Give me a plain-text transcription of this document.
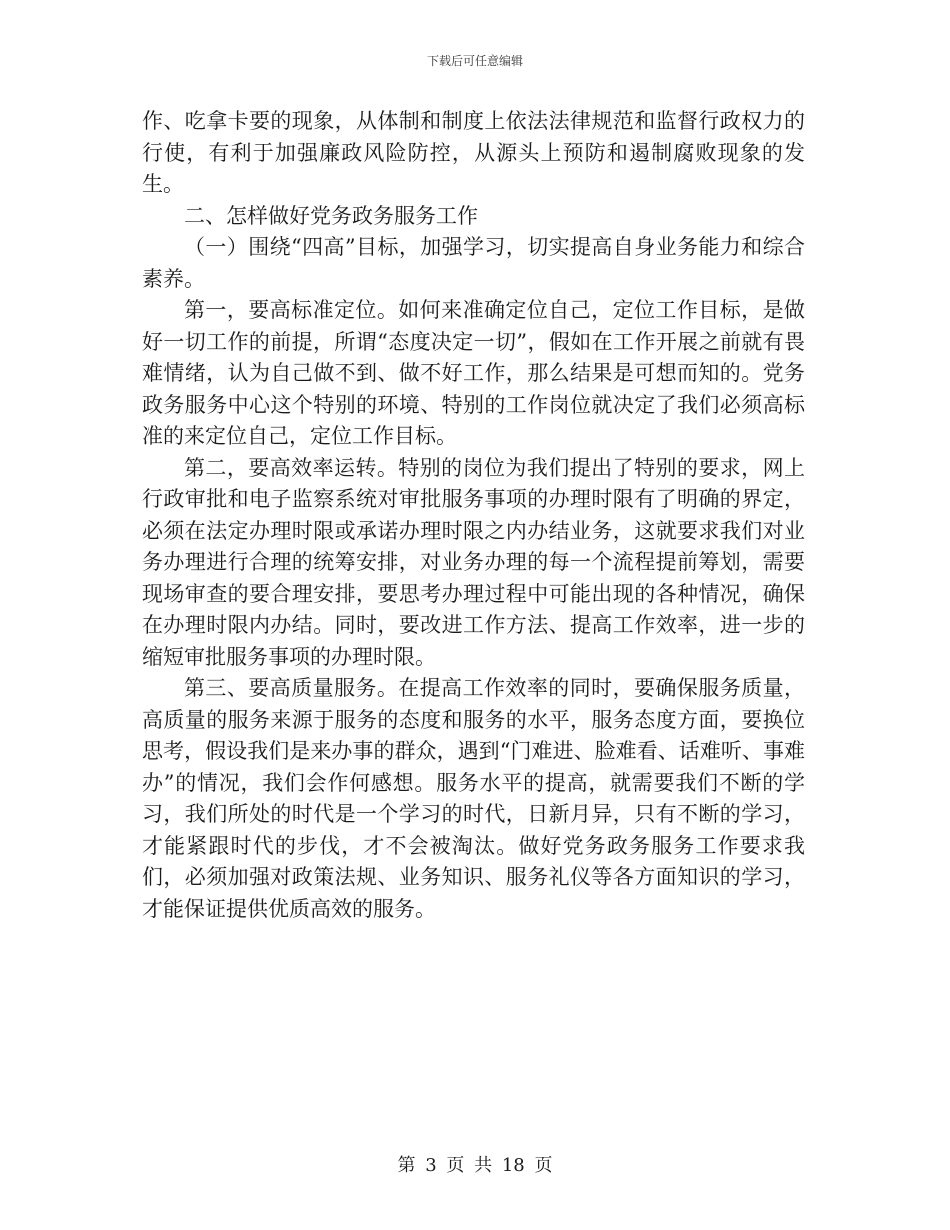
下载后可任意编辑

作、吃拿卡要的现象，从体制和制度上依法法律规范和监督行政权力的行使，有利于加强廉政风险防控，从源头上预防和遏制腐败现象的发生。

二、怎样做好党务政务服务工作

（一）围绕“四高”目标，加强学习，切实提高自身业务能力和综合素养。

第一，要高标准定位。如何来准确定位自己，定位工作目标，是做好一切工作的前提，所谓“态度决定一切”，假如在工作开展之前就有畏难情绪，认为自己做不到、做不好工作，那么结果是可想而知的。党务政务服务中心这个特别的环境、特别的工作岗位就决定了我们必须高标准的来定位自己，定位工作目标。

第二，要高效率运转。特别的岗位为我们提出了特别的要求，网上行政审批和电子监察系统对审批服务事项的办理时限有了明确的界定，必须在法定办理时限或承诺办理时限之内办结业务，这就要求我们对业务办理进行合理的统筹安排，对业务办理的每一个流程提前筹划，需要现场审查的要合理安排，要思考办理过程中可能出现的各种情况，确保在办理时限内办结。同时，要改进工作方法、提高工作效率，进一步的缩短审批服务事项的办理时限。

第三、要高质量服务。在提高工作效率的同时，要确保服务质量，高质量的服务来源于服务的态度和服务的水平，服务态度方面，要换位思考，假设我们是来办事的群众，遇到“门难进、脸难看、话难听、事难办”的情况，我们会作何感想。服务水平的提高，就需要我们不断的学习，我们所处的时代是一个学习的时代，日新月异，只有不断的学习，才能紧跟时代的步伐，才不会被淘汰。做好党务政务服务工作要求我们，必须加强对政策法规、业务知识、服务礼仪等各方面知识的学习，才能保证提供优质高效的服务。

第 3 页 共 18 页
